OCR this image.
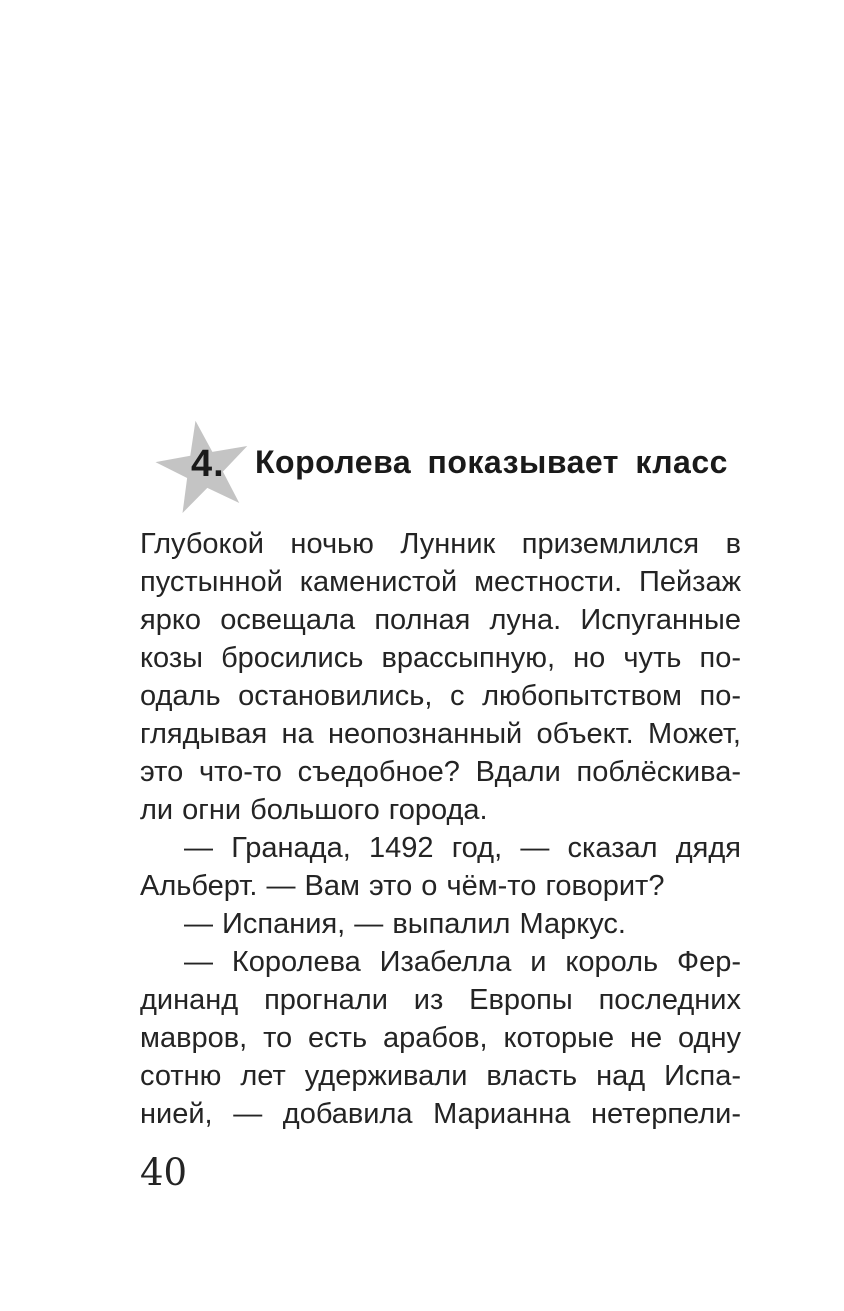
4. Королева показывает класс
Глубокой ночью Лунник приземлился в
пустынной каменистой местности. Пейзаж
ярко освещала полная луна. Испуганные
козы бросились врассыпную, но чуть по-
одаль остановились, с любопытством по-
глядывая на неопознанный объект. Может,
это что-то съедобное? Вдали поблёскива-
ли огни большого города.
— Гранада, 1492 год, — сказал дядя
Альберт. — Вам это о чём-то говорит?
— Испания, — выпалил Маркус.
— Королева Изабелла и король Фер-
динанд прогнали из Европы последних
мавров, то есть арабов, которые не одну
сотню лет удерживали власть над Испа-
нией, — добавила Марианна нетерпели-
40
